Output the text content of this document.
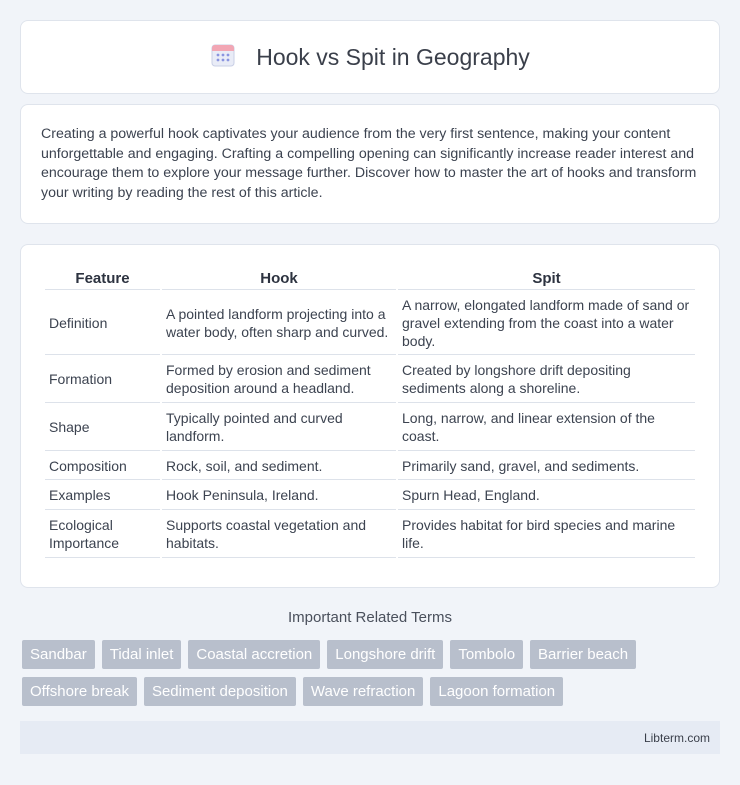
Hook vs Spit in Geography

Creating a powerful hook captivates your audience from the very first sentence, making your content unforgettable and engaging. Crafting a compelling opening can significantly increase reader interest and encourage them to explore your message further. Discover how to master the art of hooks and transform your writing by reading the rest of this article.

Feature	Hook	Spit
Definition	A pointed landform projecting into a water body, often sharp and curved.	A narrow, elongated landform made of sand or gravel extending from the coast into a water body.
Formation	Formed by erosion and sediment deposition around a headland.	Created by longshore drift depositing sediments along a shoreline.
Shape	Typically pointed and curved landform.	Long, narrow, and linear extension of the coast.
Composition	Rock, soil, and sediment.	Primarily sand, gravel, and sediments.
Examples	Hook Peninsula, Ireland.	Spurn Head, England.
Ecological Importance	Supports coastal vegetation and habitats.	Provides habitat for bird species and marine life.
Important Related Terms
Sandbar	Tidal inlet	Coastal accretion	Longshore drift	Tombolo	Barrier beach
Offshore break	Sediment deposition	Wave refraction	Lagoon formation
Libterm.com
